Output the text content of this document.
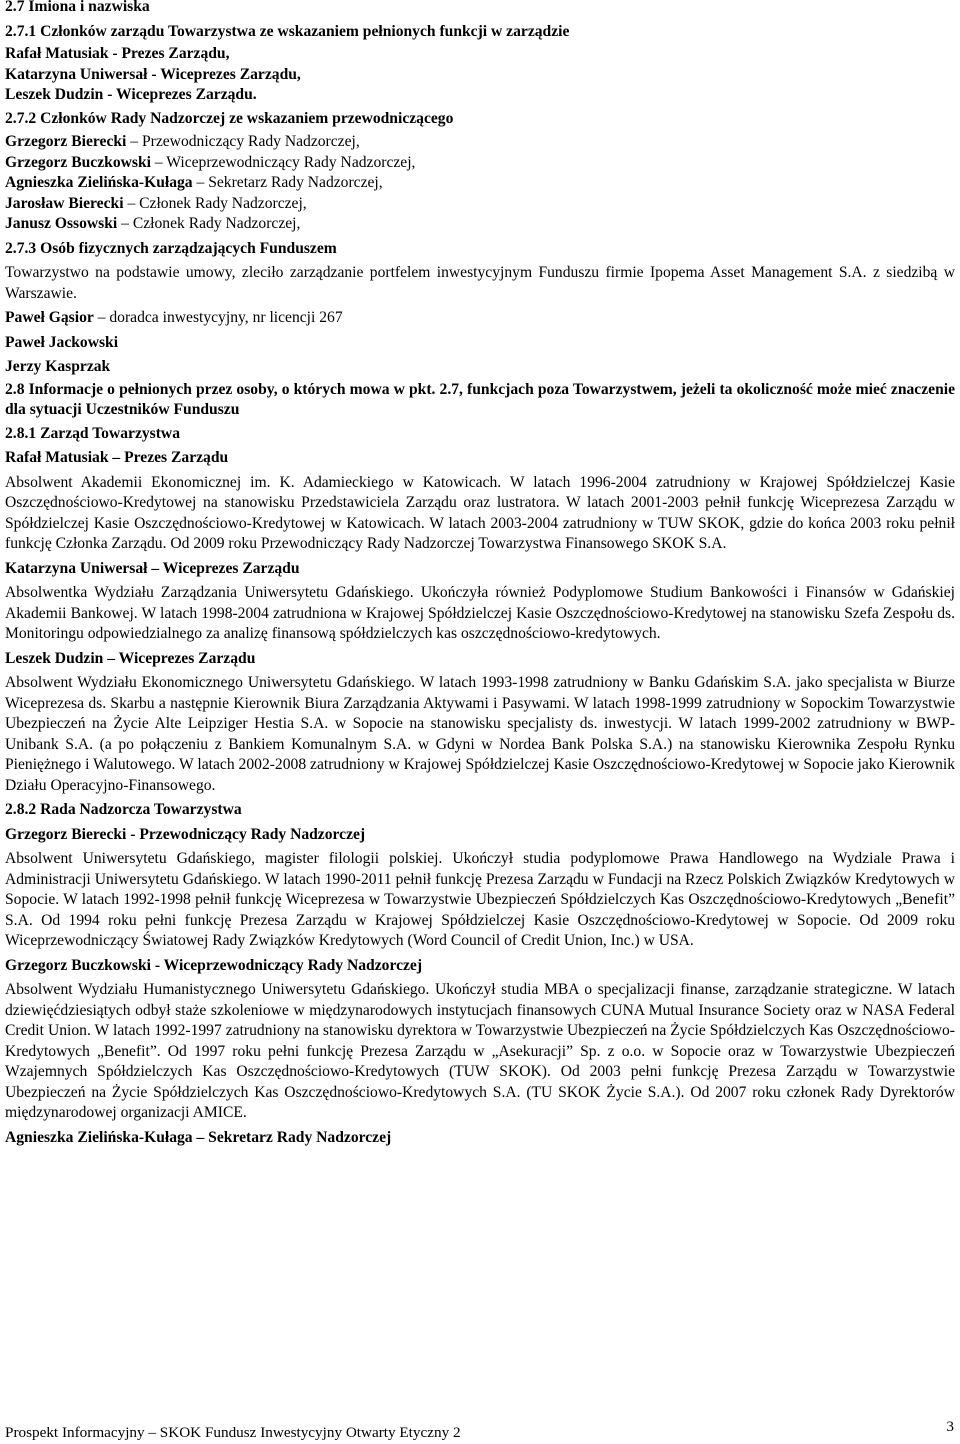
2.7 Imiona i nazwiska
2.7.1 Członków zarządu Towarzystwa ze wskazaniem pełnionych funkcji w zarządzie
Rafał Matusiak - Prezes Zarządu,
Katarzyna Uniwersał - Wiceprezes Zarządu,
Leszek Dudzin - Wiceprezes Zarządu.
2.7.2 Członków Rady Nadzorczej ze wskazaniem przewodniczącego
Grzegorz Bierecki – Przewodniczący Rady Nadzorczej,
Grzegorz Buczkowski – Wiceprzewodniczący Rady Nadzorczej,
Agnieszka Zielińska-Kułaga – Sekretarz Rady Nadzorczej,
Jarosław Bierecki – Członek Rady Nadzorczej,
Janusz Ossowski – Członek Rady Nadzorczej,
2.7.3 Osób fizycznych zarządzających Funduszem
Towarzystwo na podstawie umowy, zleciło zarządzanie portfelem inwestycyjnym Funduszu firmie Ipopema Asset Management S.A. z siedzibą w Warszawie.
Paweł Gąsior – doradca inwestycyjny, nr licencji 267
Paweł Jackowski
Jerzy Kasprzak
2.8 Informacje o pełnionych przez osoby, o których mowa w pkt. 2.7, funkcjach poza Towarzystwem, jeżeli ta okoliczność może mieć znaczenie dla sytuacji Uczestników Funduszu
2.8.1 Zarząd Towarzystwa
Rafał Matusiak – Prezes Zarządu
Absolwent Akademii Ekonomicznej im. K. Adamieckiego w Katowicach. W latach 1996-2004 zatrudniony w Krajowej Spółdzielczej Kasie Oszczędnościowo-Kredytowej na stanowisku Przedstawiciela Zarządu oraz lustratora. W latach 2001-2003 pełnił funkcję Wiceprezesa Zarządu w Spółdzielczej Kasie Oszczędnościowo-Kredytowej w Katowicach. W latach 2003-2004 zatrudniony w TUW SKOK, gdzie do końca 2003 roku pełnił funkcję Członka Zarządu. Od 2009 roku Przewodniczący Rady Nadzorczej Towarzystwa Finansowego SKOK S.A.
Katarzyna Uniwersał – Wiceprezes Zarządu
Absolwentka Wydziału Zarządzania Uniwersytetu Gdańskiego. Ukończyła również Podyplomowe Studium Bankowości i Finansów w Gdańskiej Akademii Bankowej. W latach 1998-2004 zatrudniona w Krajowej Spółdzielczej Kasie Oszczędnościowo-Kredytowej na stanowisku Szefa Zespołu ds. Monitoringu odpowiedzialnego za analizę finansową spółdzielczych kas oszczędnościowo-kredytowych.
Leszek Dudzin – Wiceprezes Zarządu
Absolwent Wydziału Ekonomicznego Uniwersytetu Gdańskiego. W latach 1993-1998 zatrudniony w Banku Gdańskim S.A. jako specjalista w Biurze Wiceprezesa ds. Skarbu a następnie Kierownik Biura Zarządzania Aktywami i Pasywami. W latach 1998-1999 zatrudniony w Sopockim Towarzystwie Ubezpieczeń na Życie Alte Leipziger Hestia S.A. w Sopocie na stanowisku specjalisty ds. inwestycji. W latach 1999-2002 zatrudniony w BWP-Unibank S.A. (a po połączeniu z Bankiem Komunalnym S.A. w Gdyni w Nordea Bank Polska S.A.) na stanowisku Kierownika Zespołu Rynku Pieniężnego i Walutowego. W latach 2002-2008 zatrudniony w Krajowej Spółdzielczej Kasie Oszczędnościowo-Kredytowej w Sopocie jako Kierownik Działu Operacyjno-Finansowego.
2.8.2 Rada Nadzorcza Towarzystwa
Grzegorz Bierecki - Przewodniczący Rady Nadzorczej
Absolwent Uniwersytetu Gdańskiego, magister filologii polskiej. Ukończył studia podyplomowe Prawa Handlowego na Wydziale Prawa i Administracji Uniwersytetu Gdańskiego. W latach 1990-2011 pełnił funkcję Prezesa Zarządu w Fundacji na Rzecz Polskich Związków Kredytowych w Sopocie. W latach 1992-1998 pełnił funkcję Wiceprezesa w Towarzystwie Ubezpieczeń Spółdzielczych Kas Oszczędnościowo-Kredytowych „Benefit” S.A. Od 1994 roku pełni funkcję Prezesa Zarządu w Krajowej Spółdzielczej Kasie Oszczędnościowo-Kredytowej w Sopocie. Od 2009 roku Wiceprzewodniczący Światowej Rady Związków Kredytowych (Word Council of Credit Union, Inc.) w USA.
Grzegorz Buczkowski - Wiceprzewodniczący Rady Nadzorczej
Absolwent Wydziału Humanistycznego Uniwersytetu Gdańskiego. Ukończył studia MBA o specjalizacji finanse, zarządzanie strategiczne. W latach dziewięćdziesiątych odbył staże szkoleniowe w międzynarodowych instytucjach finansowych CUNA Mutual Insurance Society oraz w NASA Federal Credit Union. W latach 1992-1997 zatrudniony na stanowisku dyrektora w Towarzystwie Ubezpieczeń na Życie Spółdzielczych Kas Oszczędnościowo-Kredytowych „Benefit”. Od 1997 roku pełni funkcję Prezesa Zarządu w „Asekuracji” Sp. z o.o. w Sopocie oraz w Towarzystwie Ubezpieczeń Wzajemnych Spółdzielczych Kas Oszczędnościowo-Kredytowych (TUW SKOK). Od 2003 pełni funkcję Prezesa Zarządu w Towarzystwie Ubezpieczeń na Życie Spółdzielczych Kas Oszczędnościowo-Kredytowych S.A. (TU SKOK Życie S.A.). Od 2007 roku członek Rady Dyrektorów międzynarodowej organizacji AMICE.
Agnieszka Zielińska-Kułaga – Sekretarz Rady Nadzorczej
Prospekt Informacyjny – SKOK Fundusz Inwestycyjny Otwarty Etyczny 2	3
